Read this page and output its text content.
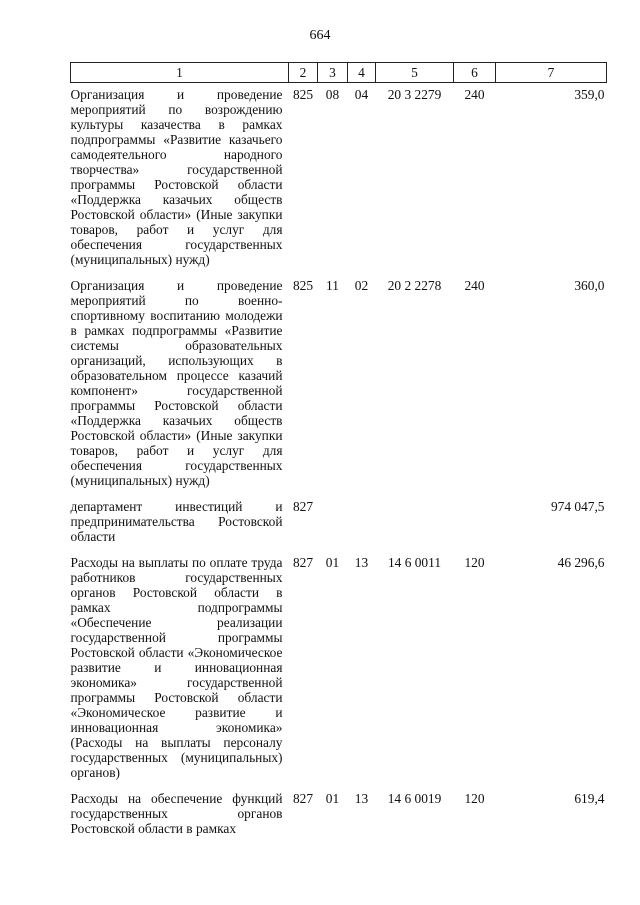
664
1	2	3	4	5	6	7
Организация и проведение мероприятий по возрождению культуры казачества в рамках подпрограммы «Развитие казачьего самодеятельного народного творчества» государственной программы Ростовской области «Поддержка казачьих обществ Ростовской области» (Иные закупки товаров, работ и услуг для обеспечения государственных (муниципальных) нужд)	825	08	04	20 3 2279	240	359,0
Организация и проведение мероприятий по военно-спортивному воспитанию молодежи в рамках подпрограммы «Развитие системы образовательных организаций, использующих в образовательном процессе казачий компонент» государственной программы Ростовской области «Поддержка казачьих обществ Ростовской области» (Иные закупки товаров, работ и услуг для обеспечения государственных (муниципальных) нужд)	825	11	02	20 2 2278	240	360,0
департамент инвестиций и предпринимательства Ростовской области	827					974 047,5
Расходы на выплаты по оплате труда работников государственных органов Ростовской области в рамках подпрограммы «Обеспечение реализации государственной программы Ростовской области «Экономическое развитие и инновационная экономика» государственной программы Ростовской области «Экономическое развитие и инновационная экономика» (Расходы на выплаты персоналу государственных (муниципальных) органов)	827	01	13	14 6 0011	120	46 296,6
Расходы на обеспечение функций государственных органов Ростовской области в рамках	827	01	13	14 6 0019	120	619,4
